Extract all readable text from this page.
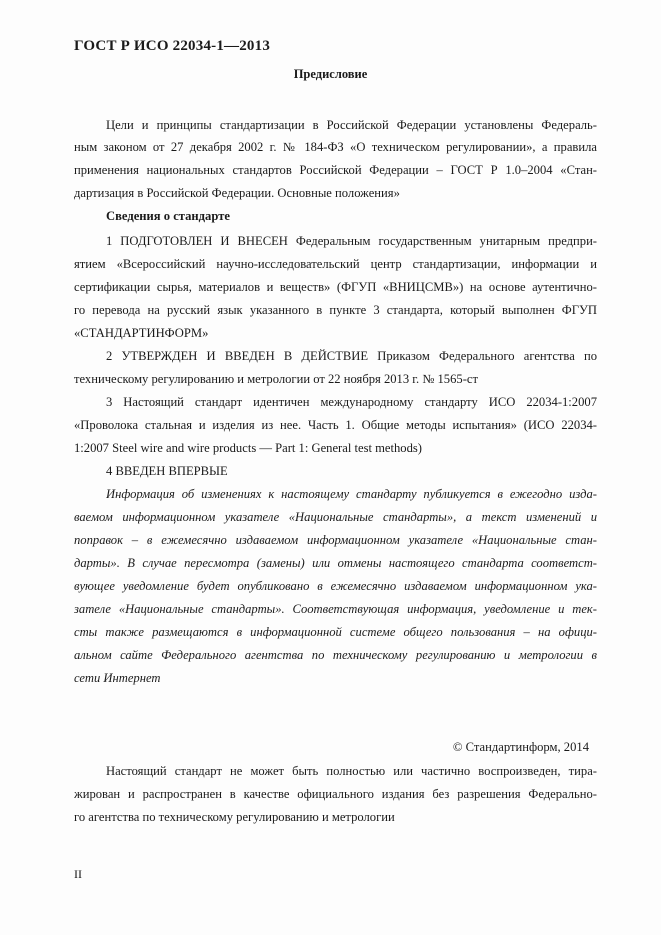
ГОСТ Р ИСО 22034-1—2013
Предисловие
Цели и принципы стандартизации в Российской Федерации установлены Федераль-
ным законом от 27 декабря 2002 г. № 184-ФЗ «О техническом регулировании», а правила
применения национальных стандартов Российской Федерации – ГОСТ Р 1.0–2004 «Стан-
дартизация в Российской Федерации. Основные положения»
Сведения о стандарте
1 ПОДГОТОВЛЕН И ВНЕСЕН Федеральным государственным унитарным предпри-
ятием «Всероссийский научно-исследовательский центр стандартизации, информации и
сертификации сырья, материалов и веществ» (ФГУП «ВНИЦСМВ») на основе аутентично-
го перевода на русский язык указанного в пункте 3 стандарта, который выполнен ФГУП
«СТАНДАРТИНФОРМ»
2 УТВЕРЖДЕН И ВВЕДЕН В ДЕЙСТВИЕ Приказом Федерального агентства по
техническому регулированию и метрологии от 22 ноября 2013 г. № 1565-ст
3 Настоящий стандарт идентичен международному стандарту ИСО 22034-1:2007
«Проволока стальная и изделия из нее. Часть 1. Общие методы испытания» (ИСО 22034-
1:2007 Steel wire and wire products — Part 1: General test methods)
4 ВВЕДЕН ВПЕРВЫЕ
Информация об изменениях к настоящему стандарту публикуется в ежегодно изда-
ваемом информационном указателе «Национальные стандарты», а текст изменений и
поправок – в ежемесячно издаваемом информационном указателе «Национальные стан-
дарты». В случае пересмотра (замены) или отмены настоящего стандарта соответст-
вующее уведомление будет опубликовано в ежемесячно издаваемом информационном ука-
зателе «Национальные стандарты». Соответствующая информация, уведомление и тек-
сты также размещаются в информационной системе общего пользования – на офици-
альном сайте Федерального агентства по техническому регулированию и метрологии в
сети Интернет
© Стандартинформ, 2014
Настоящий стандарт не может быть полностью или частично воспроизведен, тира-
жирован и распространен в качестве официального издания без разрешения Федерально-
го агентства по техническому регулированию и метрологии
II
